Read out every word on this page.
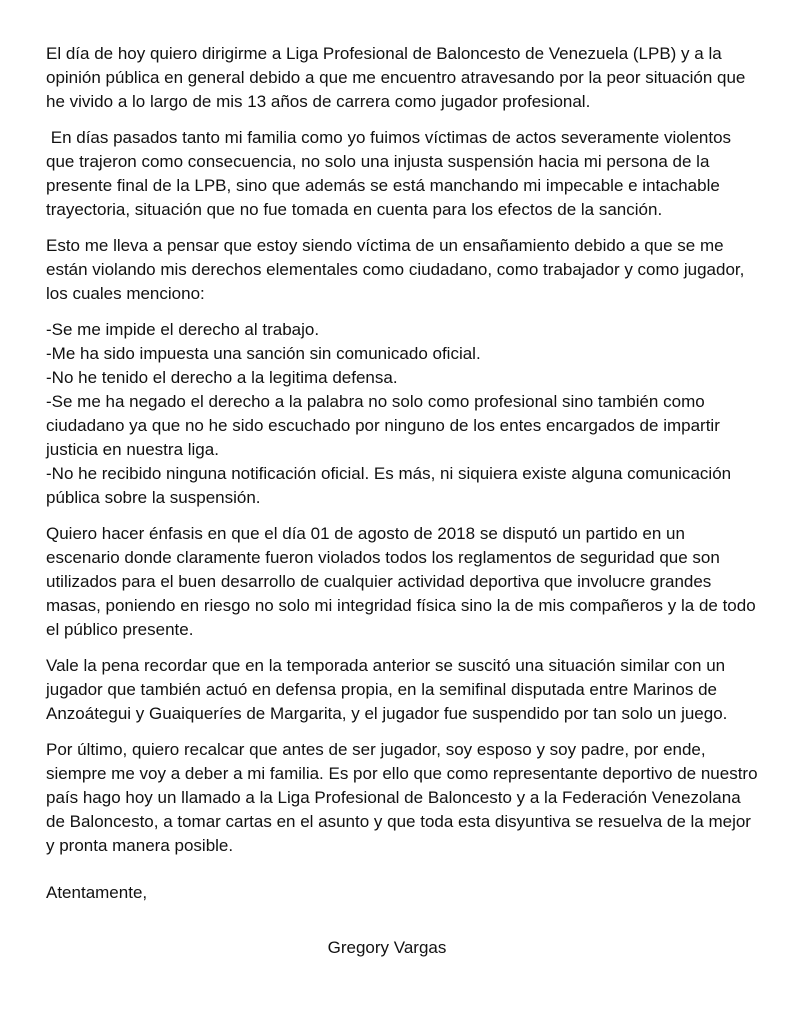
El día de hoy quiero dirigirme a Liga Profesional de Baloncesto de Venezuela (LPB) y a la opinión pública en general debido a que me encuentro atravesando por la peor situación que he vivido a lo largo de mis 13 años de carrera como jugador profesional.

En días pasados tanto mi familia como yo fuimos víctimas de actos severamente violentos que trajeron como consecuencia, no solo una injusta suspensión hacia mi persona de la presente final de la LPB, sino que además se está manchando mi impecable e intachable trayectoria, situación que no fue tomada en cuenta para los efectos de la sanción.

Esto me lleva a pensar que estoy siendo víctima de un ensañamiento debido a que se me están violando mis derechos elementales como ciudadano, como trabajador y como jugador, los cuales menciono:

-Se me impide el derecho al trabajo.

-Me ha sido impuesta una sanción sin comunicado oficial.

-No he tenido el derecho a la legitima defensa.

-Se me ha negado el derecho a la palabra no solo como profesional sino también como ciudadano ya que no he sido escuchado por ninguno de los entes encargados de impartir justicia en nuestra liga.

-No he recibido ninguna notificación oficial. Es más, ni siquiera existe alguna comunicación pública sobre la suspensión.

Quiero hacer énfasis en que el día 01 de agosto de 2018 se disputó un partido en un escenario donde claramente fueron violados todos los reglamentos de seguridad que son utilizados para el buen desarrollo de cualquier actividad deportiva que involucre grandes masas, poniendo en riesgo no solo mi integridad física sino la de mis compañeros y la de todo el público presente.

Vale la pena recordar que en la temporada anterior se suscitó una situación similar con un jugador que también actuó en defensa propia, en la semifinal disputada entre Marinos de Anzoátegui y Guaiqueríes de Margarita, y el jugador fue suspendido por tan solo un juego.

Por último, quiero recalcar que antes de ser jugador, soy esposo y soy padre, por ende, siempre me voy a deber a mi familia. Es por ello que como representante deportivo de nuestro país hago hoy un llamado a la Liga Profesional de Baloncesto y a la Federación Venezolana de Baloncesto, a tomar cartas en el asunto y que toda esta disyuntiva se resuelva de la mejor y pronta manera posible.

Atentamente,

Gregory Vargas
